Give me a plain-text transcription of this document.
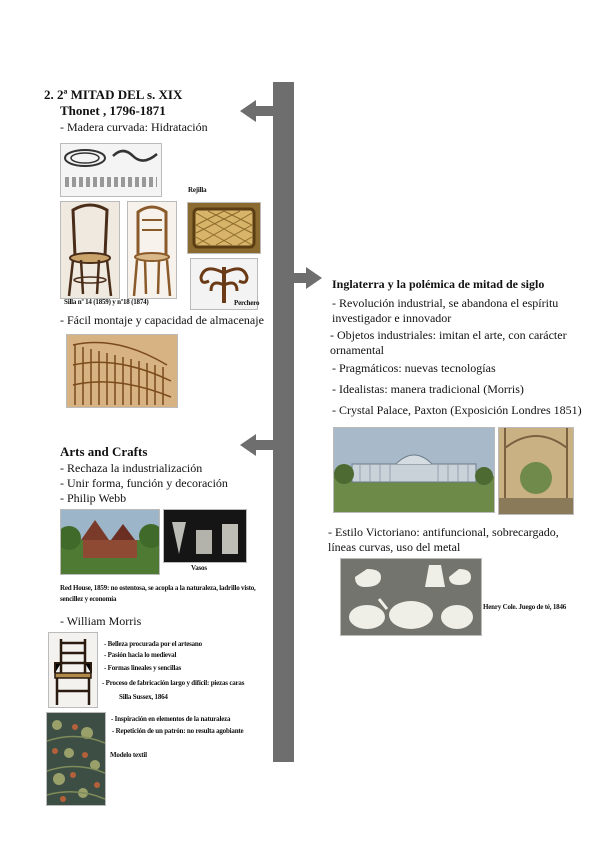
2. 2ª MITAD DEL s. XIX
Thonet , 1796-1871
- Madera curvada: Hidratación
Rejilla
Silla nº 14 (1859) y nº18 (1874)	Perchero
- Fácil montaje y capacidad de almacenaje
Arts and Crafts
- Rechaza la industrialización
- Unir forma, función y decoración
- Philip Webb
Vasos
Red House, 1859: no ostentosa, se acopla a la naturaleza, ladrillo visto, sencillez y economía
- William Morris
- Belleza procurada por el artesano
- Pasión hacia lo medieval
- Formas lineales y sencillas
- Proceso de fabricación largo y difícil: piezas caras
Silla Sussex, 1864
- Inspiración en elementos de la naturaleza
- Repetición de un patrón: no resulta agobiante
Modelo textil
Inglaterra y la polémica de mitad de siglo
- Revolución industrial, se abandona el espíritu investigador e innovador
- Objetos industriales: imitan el arte, con carácter ornamental
- Pragmáticos: nuevas tecnologías
- Idealistas: manera tradicional (Morris)
- Crystal Palace, Paxton (Exposición Londres 1851)
- Estilo Victoriano: antifuncional, sobrecargado, líneas curvas, uso del metal
Henry Cole. Juego de té, 1846
